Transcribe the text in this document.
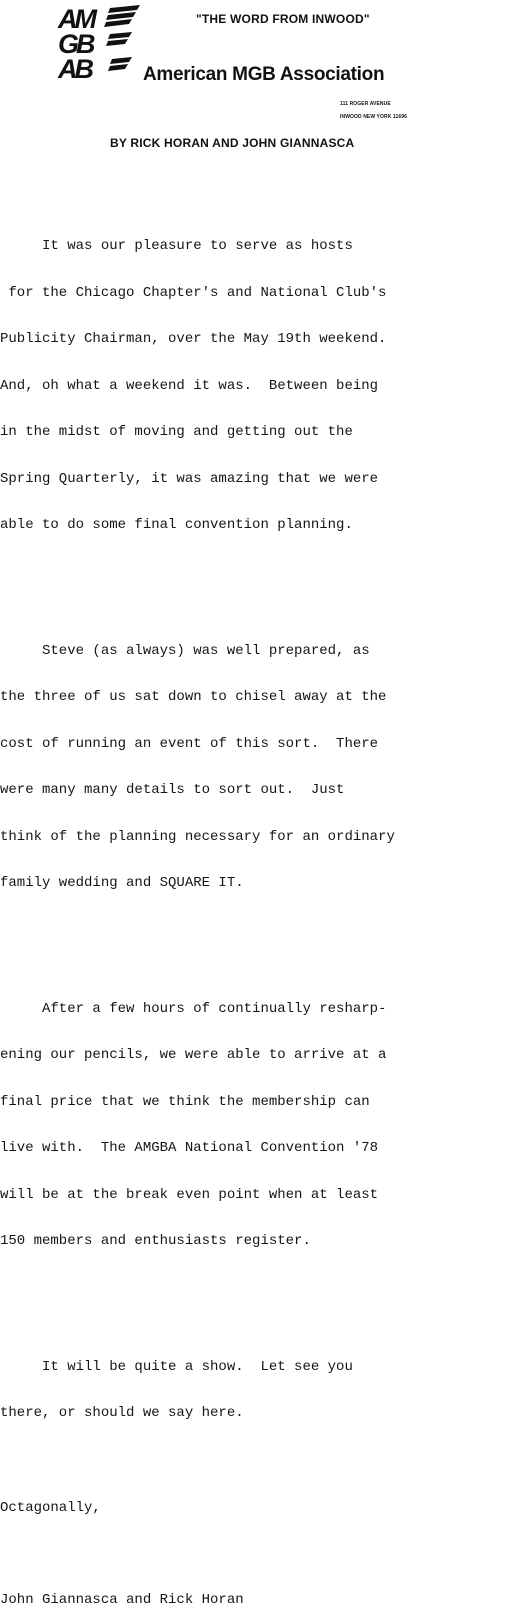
AM
GB
AB
"THE WORD FROM INWOOD"
American MGB Association
111 ROGER AVENUE
INWOOD NEW YORK 11696
BY RICK HORAN AND JOHN GIANNASCA

It was our pleasure to serve as hosts

for the Chicago Chapter's and National Club's

Publicity Chairman, over the May 19th weekend.

And, oh what a weekend it was.  Between being

in the midst of moving and getting out the

Spring Quarterly, it was amazing that we were

able to do some final convention planning.

Steve (as always) was well prepared, as

the three of us sat down to chisel away at the

cost of running an event of this sort.  There

were many many details to sort out.  Just

think of the planning necessary for an ordinary

family wedding and SQUARE IT.

After a few hours of continually resharp-

ening our pencils, we were able to arrive at a

final price that we think the membership can

live with.  The AMGBA National Convention '78

will be at the break even point when at least

150 members and enthusiasts register.

It will be quite a show.  Let see you

there, or should we say here.

Octagonally,

John Giannasca and Rick Horan
